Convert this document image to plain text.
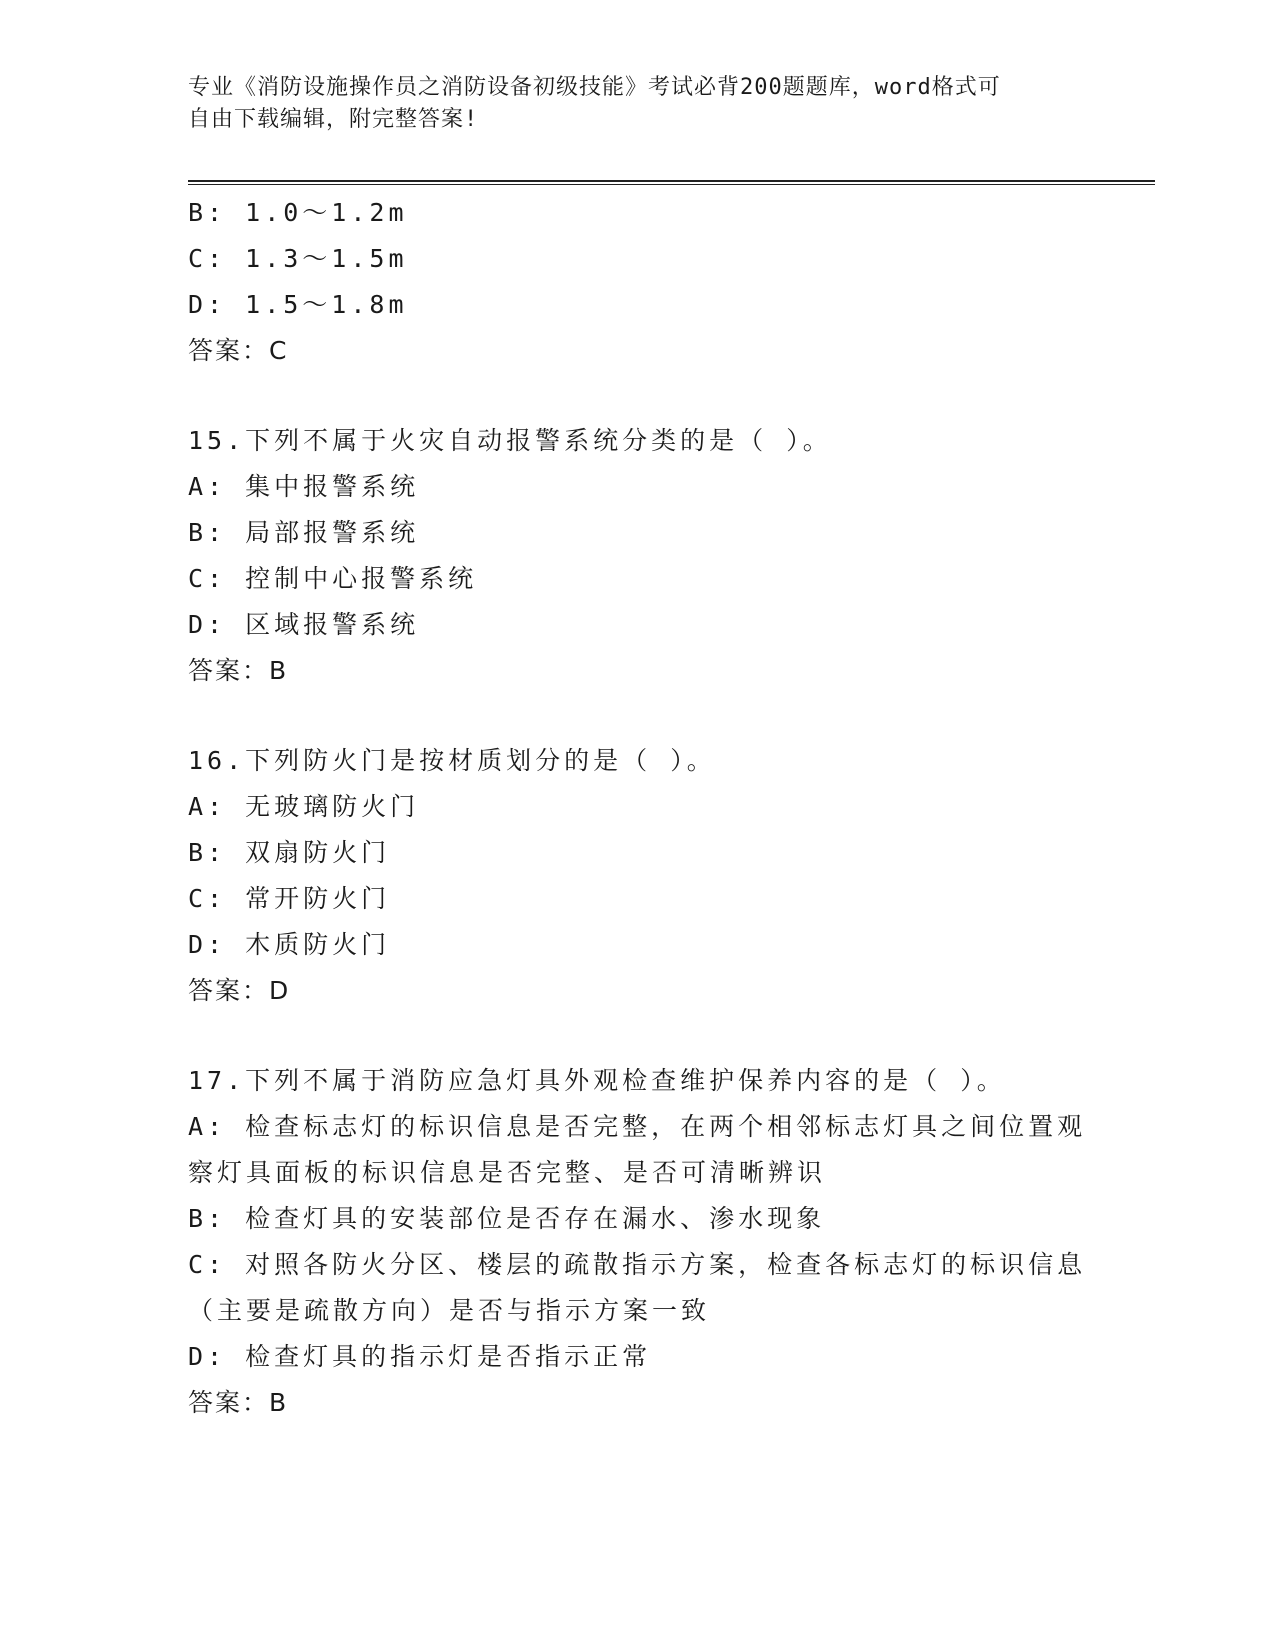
专业《消防设施操作员之消防设备初级技能》考试必背200题题库，word格式可

自由下载编辑，附完整答案!

B: 1.0～1.2m
C: 1.3～1.5m
D: 1.5～1.8m
答案：C
15.下列不属于火灾自动报警系统分类的是（ ）。
A: 集中报警系统
B: 局部报警系统
C: 控制中心报警系统
D: 区域报警系统
答案：B
16.下列防火门是按材质划分的是（ ）。
A: 无玻璃防火门
B: 双扇防火门
C: 常开防火门
D: 木质防火门
答案：D
17.下列不属于消防应急灯具外观检查维护保养内容的是（ ）。
A: 检查标志灯的标识信息是否完整，在两个相邻标志灯具之间位置观
察灯具面板的标识信息是否完整、是否可清晰辨识
B: 检查灯具的安装部位是否存在漏水、渗水现象
C: 对照各防火分区、楼层的疏散指示方案，检查各标志灯的标识信息
（主要是疏散方向）是否与指示方案一致
D: 检查灯具的指示灯是否指示正常
答案：B
